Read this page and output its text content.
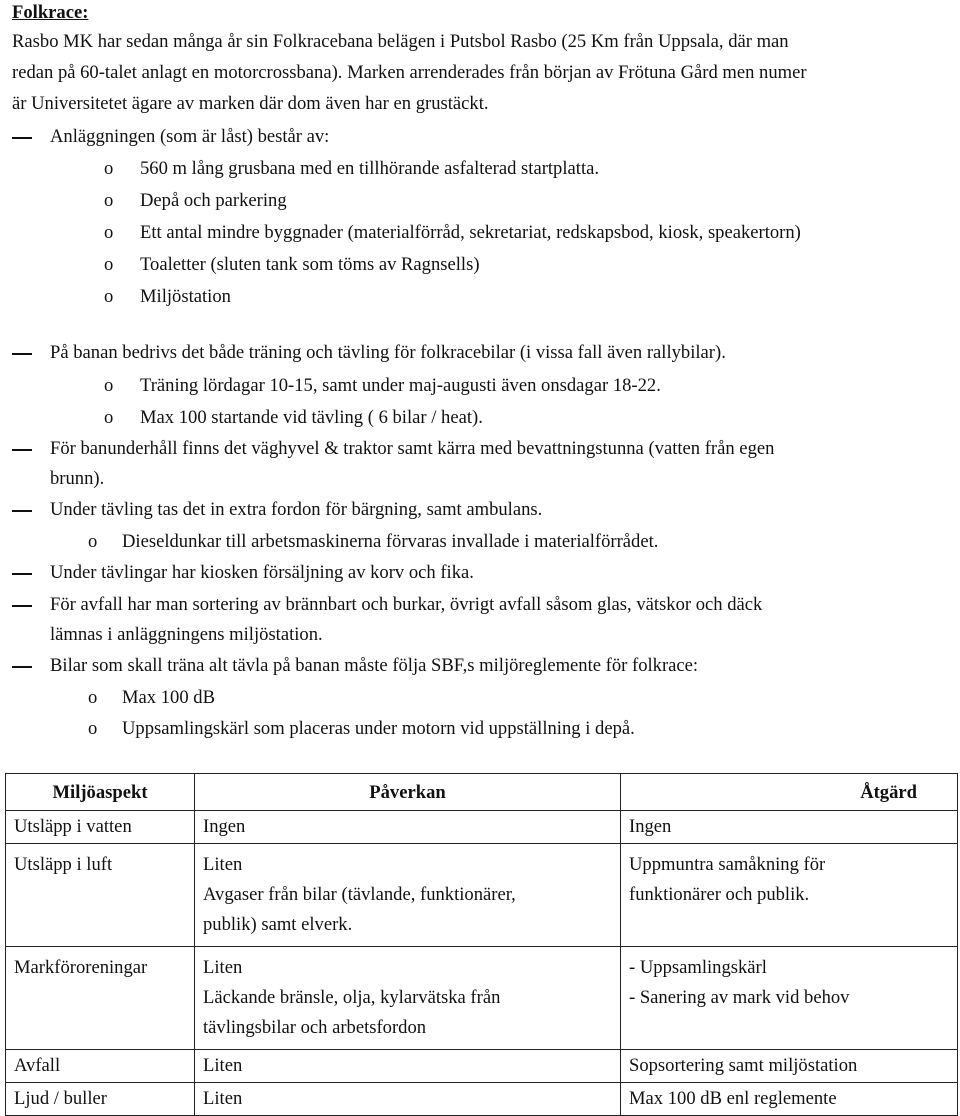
Folkrace:
Rasbo MK har sedan många år sin Folkracebana belägen i Putsbol Rasbo (25 Km från Uppsala, där man
redan på 60-talet anlagt en motorcrossbana). Marken arrenderades från början av Frötuna Gård men numer
är Universitetet ägare av marken där dom även har en grustäckt.
Anläggningen (som är låst) består av:
o 560 m lång grusbana med en tillhörande asfalterad startplatta.
o Depå och parkering
o Ett antal mindre byggnader (materialförråd, sekretariat, redskapsbod, kiosk, speakertorn)
o Toaletter (sluten tank som töms av Ragnsells)
o Miljöstation
På banan bedrivs det både träning och tävling för folkracebilar (i vissa fall även rallybilar).
o Träning lördagar 10-15, samt under maj-augusti även onsdagar 18-22.
o Max 100 startande vid tävling ( 6 bilar / heat).
För banunderhåll finns det väghyvel & traktor samt kärra med bevattningstunna (vatten från egen
brunn).
Under tävling tas det in extra fordon för bärgning, samt ambulans.
o Dieseldunkar till arbetsmaskinerna förvaras invallade i materialförrådet.
Under tävlingar har kiosken försäljning av korv och fika.
För avfall har man sortering av brännbart och burkar, övrigt avfall såsom glas, vätskor och däck
lämnas i anläggningens miljöstation.
Bilar som skall träna alt tävla på banan måste följa SBF,s miljöreglemente för folkrace:
o Max 100 dB
o Uppsamlingskärl som placeras under motorn vid uppställning i depå.
Miljöaspekt	Påverkan	Åtgärd
Utsläpp i vatten	Ingen	Ingen

Utsläpp i luft	Liten
Avgaser från bilar (tävlande, funktionärer,
publik) samt elverk.	Uppmuntra samåkning för
funktionärer och publik.

Markföroreningar	Liten
Läckande bränsle, olja, kylarvätska från
tävlingsbilar och arbetsfordon	- Uppsamlingskärl
- Sanering av mark vid behov

Avfall	Liten	Sopsortering samt miljöstation

Ljud / buller	Liten	Max 100 dB enl reglemente
